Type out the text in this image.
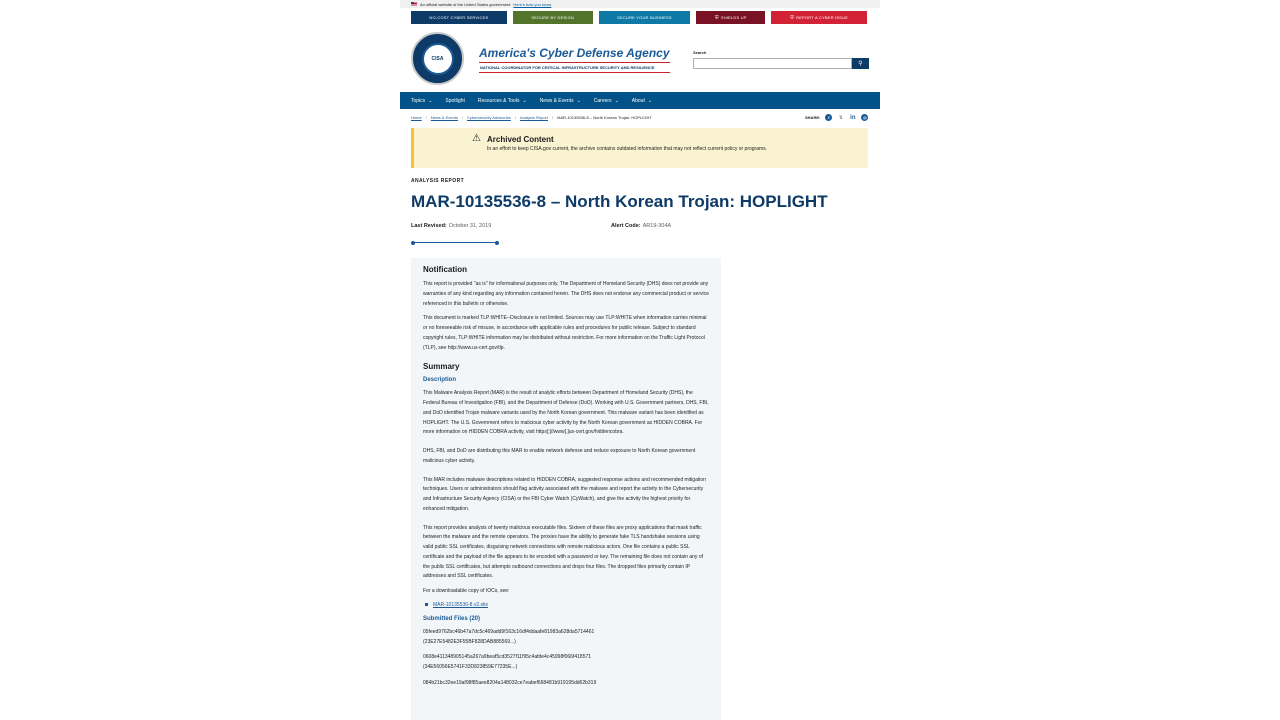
An official website of the United States government Here's how you know
NO-COST CYBER SERVICES	SECURE BY DESIGN	SECURE YOUR BUSINESS	⛨ SHIELDS UP	⛨ REPORT A CYBER ISSUE
CISA	America's Cyber Defense Agency
NATIONAL COORDINATOR FOR CRITICAL INFRASTRUCTURE SECURITY AND RESILIENCE
Search
⚲
Topics ⌄	Spotlight	Resources & Tools ⌄	News & Events ⌄	Careers ⌄	About ⌄
Home / News & Events / Cybersecurity Advisories / Analysis Report / MAR-10135536-8 – North Korean Trojan: HOPLIGHT	SHARE:	f	𝕏	in	@
⚠ Archived Content
In an effort to keep CISA.gov current, the archive contains outdated information that may not reflect current policy or programs.
ANALYSIS REPORT
MAR-10135536-8 – North Korean Trojan: HOPLIGHT
Last Revised: October 31, 2019	Alert Code: AR19-304A
Notification

This report is provided "as is" for informational purposes only. The Department of Homeland Security (DHS) does not provide any warranties of any kind regarding any information contained herein. The DHS does not endorse any commercial product or service referenced in this bulletin or otherwise.

This document is marked TLP:WHITE--Disclosure is not limited. Sources may use TLP:WHITE when information carries minimal or no foreseeable risk of misuse, in accordance with applicable rules and procedures for public release. Subject to standard copyright rules, TLP:WHITE information may be distributed without restriction. For more information on the Traffic Light Protocol (TLP), see http://www.us-cert.gov/tlp.

Summary
Description

This Malware Analysis Report (MAR) is the result of analytic efforts between Department of Homeland Security (DHS), the Federal Bureau of Investigation (FBI), and the Department of Defense (DoD). Working with U.S. Government partners, DHS, FBI, and DoD identified Trojan malware variants used by the North Korean government. This malware variant has been identified as HOPLIGHT. The U.S. Government refers to malicious cyber activity by the North Korean government as HIDDEN COBRA. For more information on HIDDEN COBRA activity, visit https[:]//www[.]us-cert.gov/hiddencobra.

DHS, FBI, and DoD are distributing this MAR to enable network defense and reduce exposure to North Korean government malicious cyber activity.

This MAR includes malware descriptions related to HIDDEN COBRA, suggested response actions and recommended mitigation techniques. Users or administrators should flag activity associated with the malware and report the activity to the Cybersecurity and Infrastructure Security Agency (CISA) or the FBI Cyber Watch (CyWatch), and give the activity the highest priority for enhanced mitigation.

This report provides analysis of twenty malicious executable files. Sixteen of these files are proxy applications that mask traffic between the malware and the remote operators. The proxies have the ability to generate fake TLS handshake sessions using valid public SSL certificates, disguising network connections with remote malicious actors. One file contains a public SSL certificate and the payload of the file appears to be encoded with a password or key. The remaining file does not contain any of the public SSL certificates, but attempts outbound connections and drops four files. The dropped files primarily contain IP addresses and SSL certificates.

For a downloadable copy of IOCs, see:

MAR-10135536-8.v2.stix
Submitted Files (20)
05feed9762bc46b47a7dc5c469add9f163c16df4ddaafe81983a628da5714461
(23E27E5482E3F55BF828DAB885569...)
0608e411348905145a267a9beaf5cd3527f11f95c4afde4c45998f066f418571
(34E56056E5741F33D823859E77235E...)
084b21bc32ee19af98f85aee8204a148032ce7eabef668481b919195dd62b319
